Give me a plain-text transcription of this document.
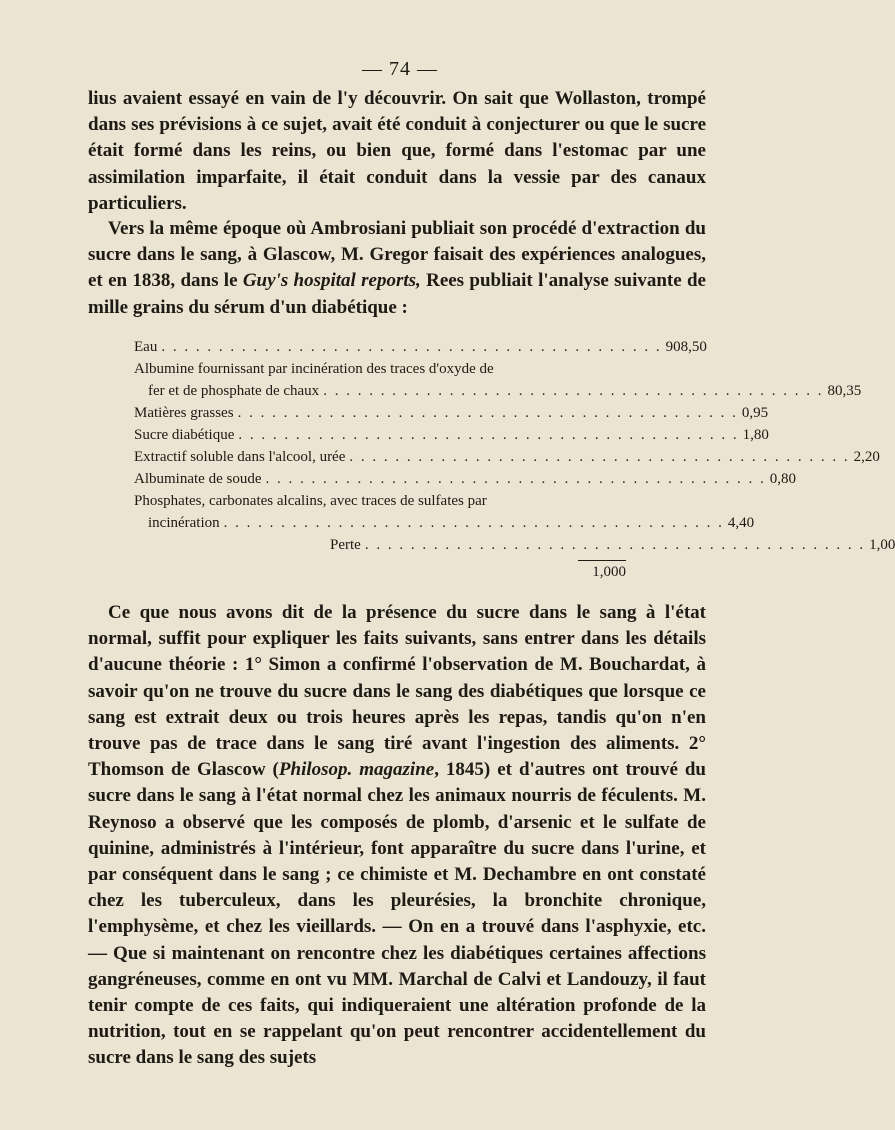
— 74 —

lius avaient essayé en vain de l'y découvrir. On sait que Wollaston, trompé dans ses prévisions à ce sujet, avait été conduit à conjecturer ou que le sucre était formé dans les reins, ou bien que, formé dans l'estomac par une assimilation imparfaite, il était conduit dans la vessie par des canaux particuliers.

Vers la même époque où Ambrosiani publiait son procédé d'extraction du sucre dans le sang, à Glascow, M. Gregor faisait des expériences analogues, et en 1838, dans le Guy's hospital reports, Rees publiait l'analyse suivante de mille grains du sérum d'un diabétique :

Eau . . . . . . . . . . . . . . . . . . . . . . . . . . . . . . . . . . . . . . . . . . . . 908,50
Albumine fournissant par incinération des traces d'oxyde de
fer et de phosphate de chaux . . . . . . . . . . . . . . . . . . . . . . . . . . . . . . . . . . . . . . . . . . . . 80,35
Matières grasses . . . . . . . . . . . . . . . . . . . . . . . . . . . . . . . . . . . . . . . . . . . . 0,95
Sucre diabétique . . . . . . . . . . . . . . . . . . . . . . . . . . . . . . . . . . . . . . . . . . . . 1,80
Extractif soluble dans l'alcool, urée . . . . . . . . . . . . . . . . . . . . . . . . . . . . . . . . . . . . . . . . . . . . 2,20
Albuminate de soude . . . . . . . . . . . . . . . . . . . . . . . . . . . . . . . . . . . . . . . . . . . . 0,80
Phosphates, carbonates alcalins, avec traces de sulfates par
incinération . . . . . . . . . . . . . . . . . . . . . . . . . . . . . . . . . . . . . . . . . . . . 4,40
Perte . . . . . . . . . . . . . . . . . . . . . . . . . . . . . . . . . . . . . . . . . . . . 1,00
1,000

Ce que nous avons dit de la présence du sucre dans le sang à l'état normal, suffit pour expliquer les faits suivants, sans entrer dans les détails d'aucune théorie : 1° Simon a confirmé l'observation de M. Bouchardat, à savoir qu'on ne trouve du sucre dans le sang des diabétiques que lorsque ce sang est extrait deux ou trois heures après les repas, tandis qu'on n'en trouve pas de trace dans le sang tiré avant l'ingestion des aliments. 2° Thomson de Glascow (Philosop. magazine, 1845) et d'autres ont trouvé du sucre dans le sang à l'état normal chez les animaux nourris de féculents. M. Reynoso a observé que les composés de plomb, d'arsenic et le sulfate de quinine, administrés à l'intérieur, font apparaître du sucre dans l'urine, et par conséquent dans le sang ; ce chimiste et M. Dechambre en ont constaté chez les tuberculeux, dans les pleurésies, la bronchite chronique, l'emphysème, et chez les vieillards. — On en a trouvé dans l'asphyxie, etc. — Que si maintenant on rencontre chez les diabétiques certaines affections gangréneuses, comme en ont vu MM. Marchal de Calvi et Landouzy, il faut tenir compte de ces faits, qui indiqueraient une altération profonde de la nutrition, tout en se rappelant qu'on peut rencontrer accidentellement du sucre dans le sang des sujets
